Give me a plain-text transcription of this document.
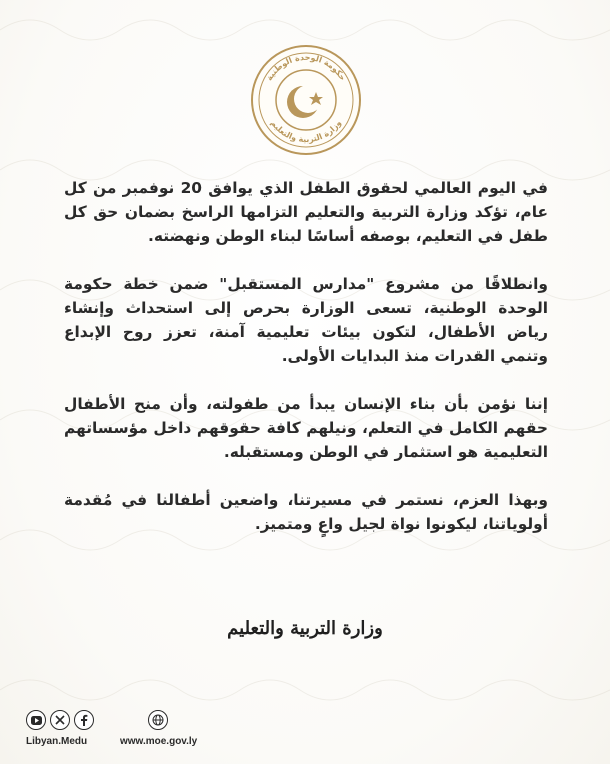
حكومة الوحدة الوطنية
وزارة التربية والتعليم

في اليوم العالمي لحقوق الطفل الذي يوافق 20 نوفمبر من كل عام، تؤكد وزارة التربية والتعليم التزامها الراسخ بضمان حق كل طفل في التعليم، بوصفه أساسًا لبناء الوطن ونهضته.

وانطلاقًا من مشروع "مدارس المستقبل" ضمن خطة حكومة الوحدة الوطنية، تسعى الوزارة بحرص إلى استحداث وإنشاء رياض الأطفال، لتكون بيئات تعليمية آمنة، تعزز روح الإبداع وتنمي القدرات منذ البدايات الأولى.

إننا نؤمن بأن بناء الإنسان يبدأ من طفولته، وأن منح الأطفال حقهم الكامل في التعلم، ونيلهم كافة حقوقهم داخل مؤسساتهم التعليمية هو استثمار في الوطن ومستقبله.

وبهذا العزم، نستمر في مسيرتنا، واضعين أطفالنا في مُقدمة أولوياتنا، ليكونوا نواة لجيل واعٍ ومتميز.

وزارة التربية والتعليم
Libyan.Medu	www.moe.gov.ly
